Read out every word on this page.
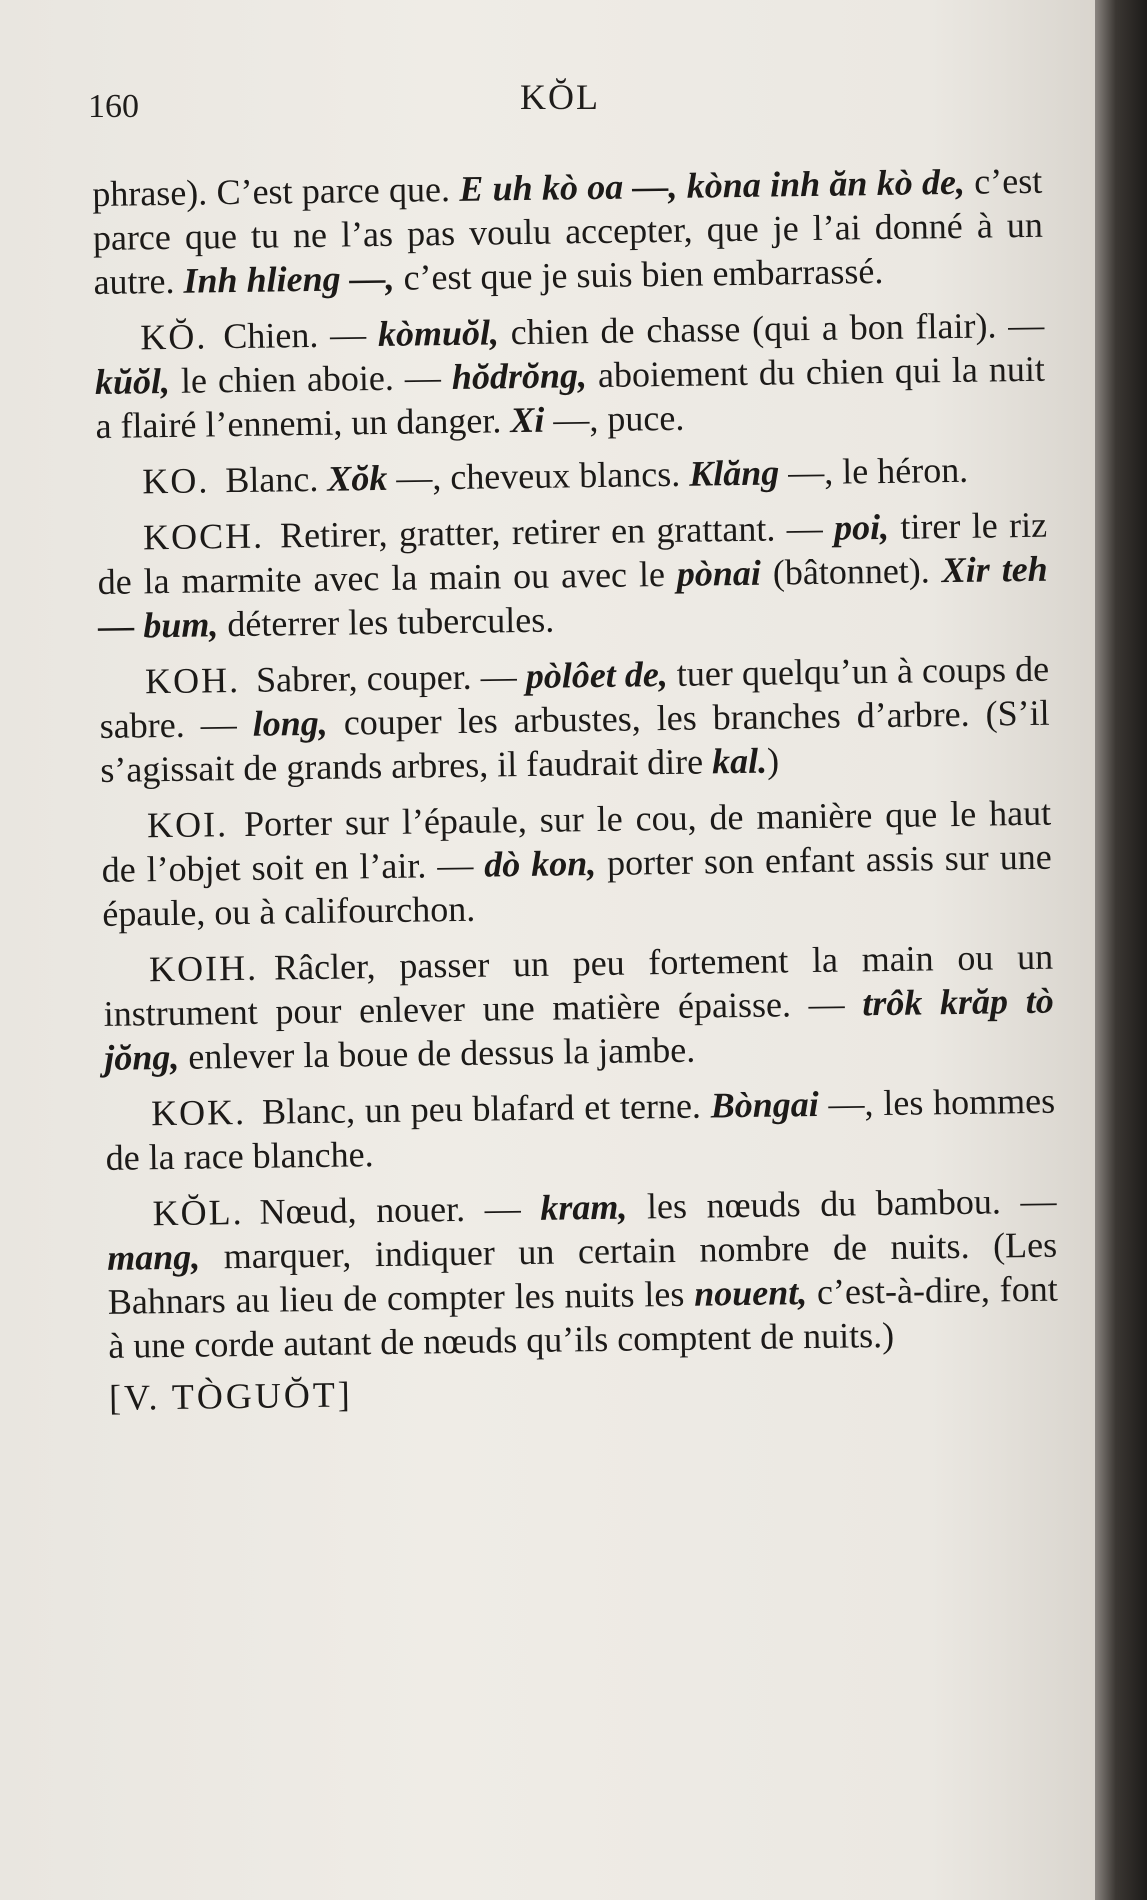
160	KŎL

phrase). C’est parce que. E uh kò oa —, kòna inh ăn kò de, c’est parce que tu ne l’as pas voulu accepter, que je l’ai donné à un autre. Inh hlieng —, c’est que je suis bien embarrassé.

KŎ. Chien. — kòmuŏl, chien de chasse (qui a bon flair). — kŭŏl, le chien aboie. — hŏdrŏng, aboiement du chien qui la nuit a flairé l’ennemi, un danger. Xi —, puce.

KO. Blanc. Xŏk —, cheveux blancs. Klăng —, le héron.

KOCH. Retirer, gratter, retirer en grattant. — poi, tirer le riz de la marmite avec la main ou avec le pònai (bâtonnet). Xir teh — bum, déterrer les tubercules.

KOH. Sabrer, couper. — pòlôet de, tuer quelqu’un à coups de sabre. — long, couper les arbustes, les branches d’arbre. (S’il s’agissait de grands arbres, il faudrait dire kal.)

KOI. Porter sur l’épaule, sur le cou, de manière que le haut de l’objet soit en l’air. — dò kon, porter son enfant assis sur une épaule, ou à califourchon.

KOIH. Râcler, passer un peu fortement la main ou un instrument pour enlever une matière épaisse. — trôk krăp tò jŏng, enlever la boue de dessus la jambe.

KOK. Blanc, un peu blafard et terne. Bòngai —, les hommes de la race blanche.

KŎL. Nœud, nouer. — kram, les nœuds du bambou. — mang, marquer, indiquer un certain nombre de nuits. (Les Bahnars au lieu de compter les nuits les nouent, c’est-à-dire, font à une corde autant de nœuds qu’ils comptent de nuits.)

[V. TÒGUŎT]
